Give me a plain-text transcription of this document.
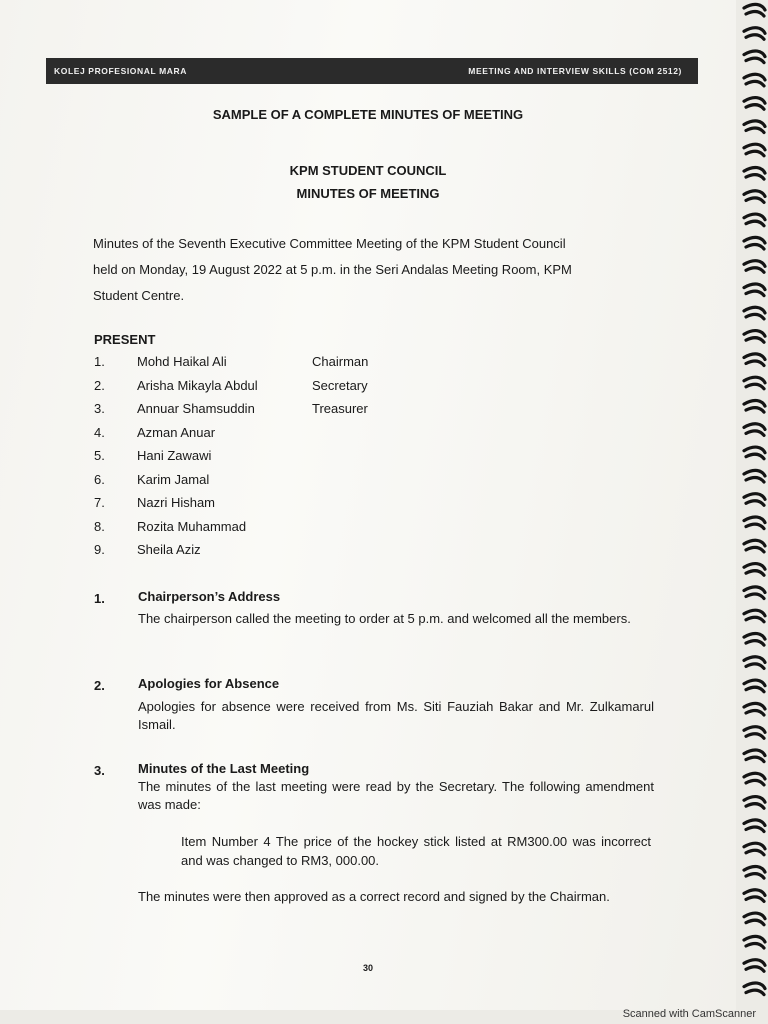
KOLEJ PROFESIONAL MARA	MEETING AND INTERVIEW SKILLS (COM 2512)
SAMPLE OF A COMPLETE MINUTES OF MEETING
KPM STUDENT COUNCIL
MINUTES OF MEETING
Minutes of the Seventh Executive Committee Meeting of the KPM Student Council
held on Monday, 19 August 2022 at 5 p.m. in the Seri Andalas Meeting Room, KPM
Student Centre.
PRESENT
1. Mohd Haikal Ali	Chairman
2. Arisha Mikayla Abdul	Secretary
3. Annuar Shamsuddin	Treasurer
4. Azman Anuar
5. Hani Zawawi
6. Karim Jamal
7. Nazri Hisham
8. Rozita Muhammad
9. Sheila Aziz
1.	Chairperson’s Address
The chairperson called the meeting to order at 5 p.m. and welcomed all the members.
2.	Apologies for Absence
Apologies for absence were received from Ms. Siti Fauziah Bakar and Mr. Zulkamarul Ismail.
3.	Minutes of the Last Meeting
The minutes of the last meeting were read by the Secretary. The following amendment was made:
Item Number 4 The price of the hockey stick listed at RM300.00 was incorrect and was changed to RM3, 000.00.
The minutes were then approved as a correct record and signed by the Chairman.
30
Scanned with CamScanner
